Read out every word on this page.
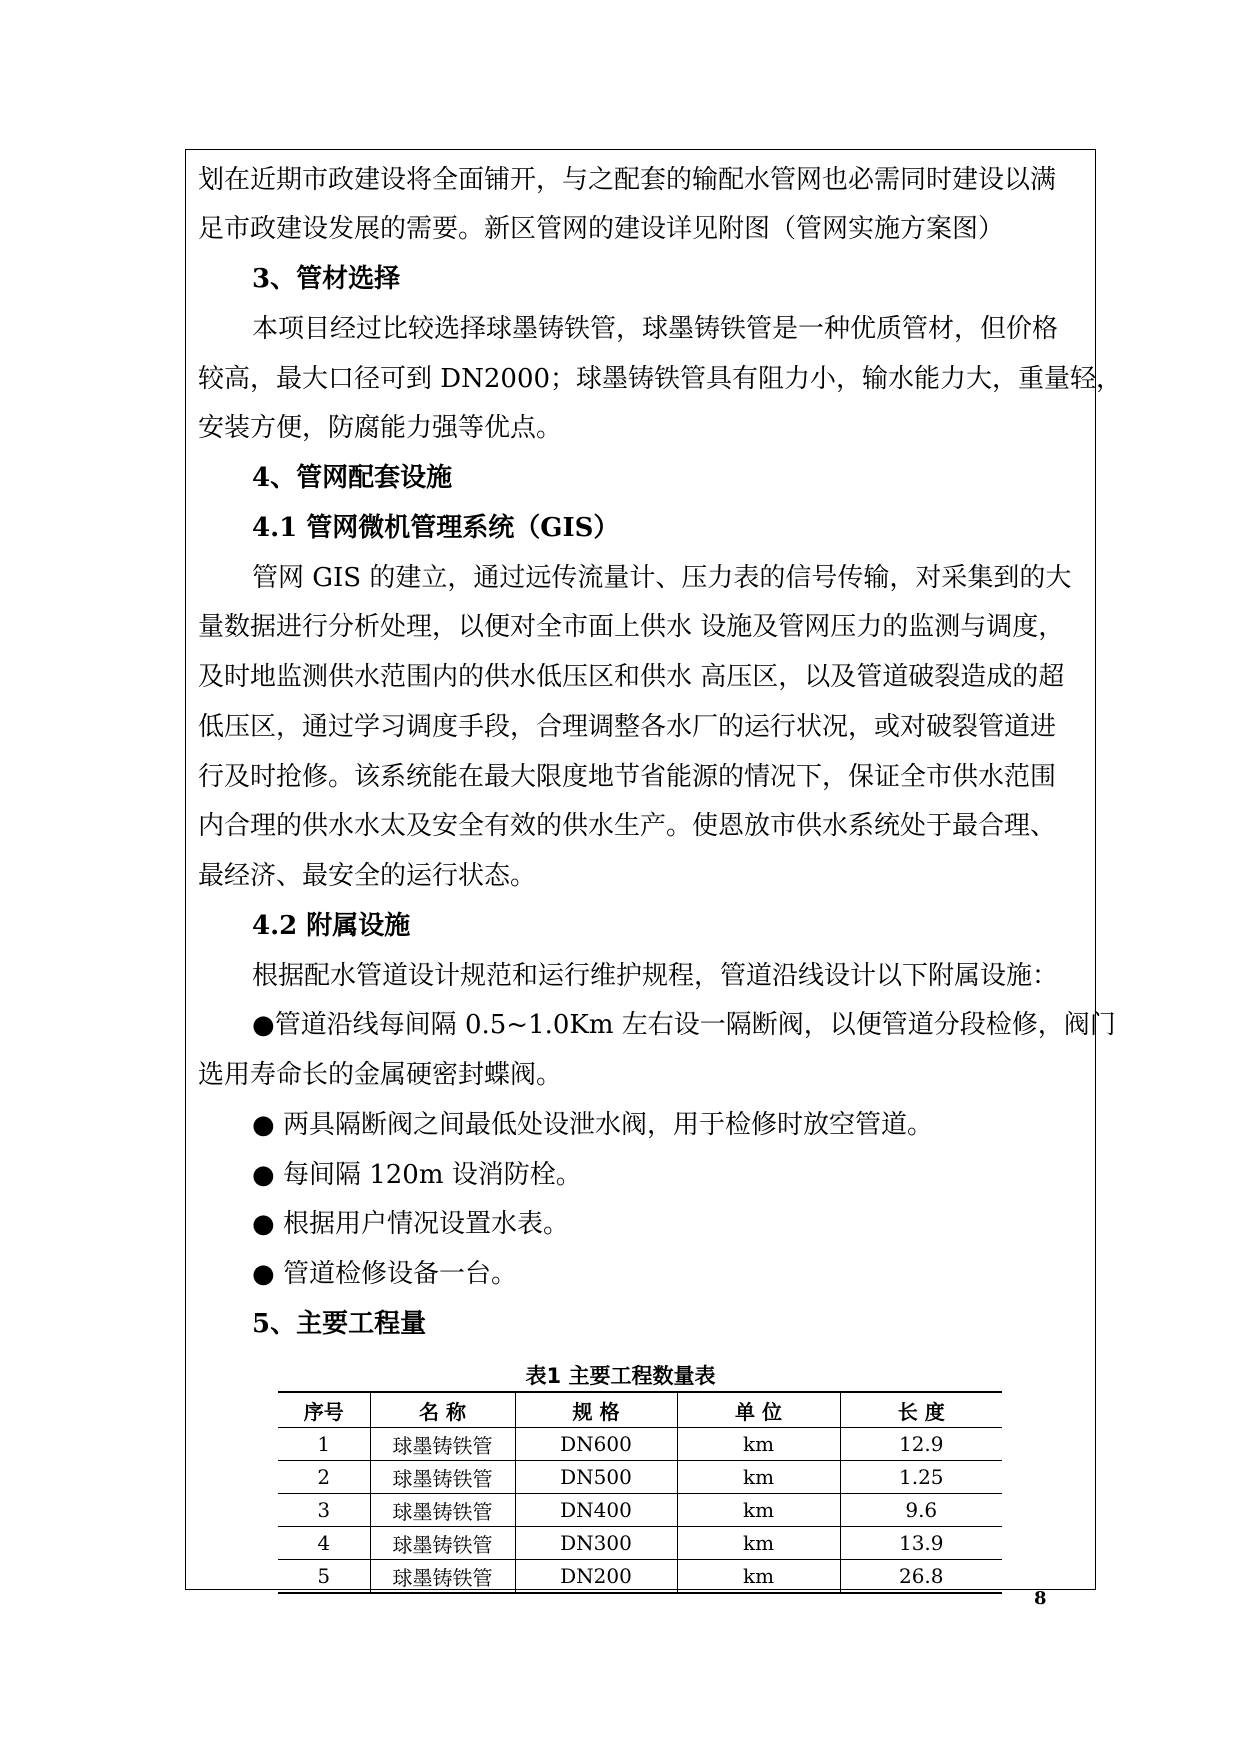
划在近期市政建设将全面铺开，与之配套的输配水管网也必需同时建设以满
足市政建设发展的需要。新区管网的建设详见附图（管网实施方案图）
3、管材选择
本项目经过比较选择球墨铸铁管，球墨铸铁管是一种优质管材，但价格
较高，最大口径可到 DN2000；球墨铸铁管具有阻力小，输水能力大，重量轻，
安装方便，防腐能力强等优点。
4、管网配套设施
4.1 管网微机管理系统（GIS）
管网 GIS 的建立，通过远传流量计、压力表的信号传输，对采集到的大
量数据进行分析处理，以便对全市面上供水 设施及管网压力的监测与调度，
及时地监测供水范围内的供水低压区和供水 高压区，以及管道破裂造成的超
低压区，通过学习调度手段，合理调整各水厂的运行状况，或对破裂管道进
行及时抢修。该系统能在最大限度地节省能源的情况下，保证全市供水范围
内合理的供水水太及安全有效的供水生产。使恩放市供水系统处于最合理、
最经济、最安全的运行状态。
4.2 附属设施
根据配水管道设计规范和运行维护规程，管道沿线设计以下附属设施：
●管道沿线每间隔 0.5~1.0Km 左右设一隔断阀，以便管道分段检修，阀门
选用寿命长的金属硬密封蝶阀。
● 两具隔断阀之间最低处设泄水阀，用于检修时放空管道。
● 每间隔 120m 设消防栓。
● 根据用户情况设置水表。
● 管道检修设备一台。
5、主要工程量
表1 主要工程数量表
序号	名 称	规 格	单 位	长 度
1	球墨铸铁管	DN600	km	12.9
2	球墨铸铁管	DN500	km	1.25
3	球墨铸铁管	DN400	km	9.6
4	球墨铸铁管	DN300	km	13.9
5	球墨铸铁管	DN200	km	26.8
8
